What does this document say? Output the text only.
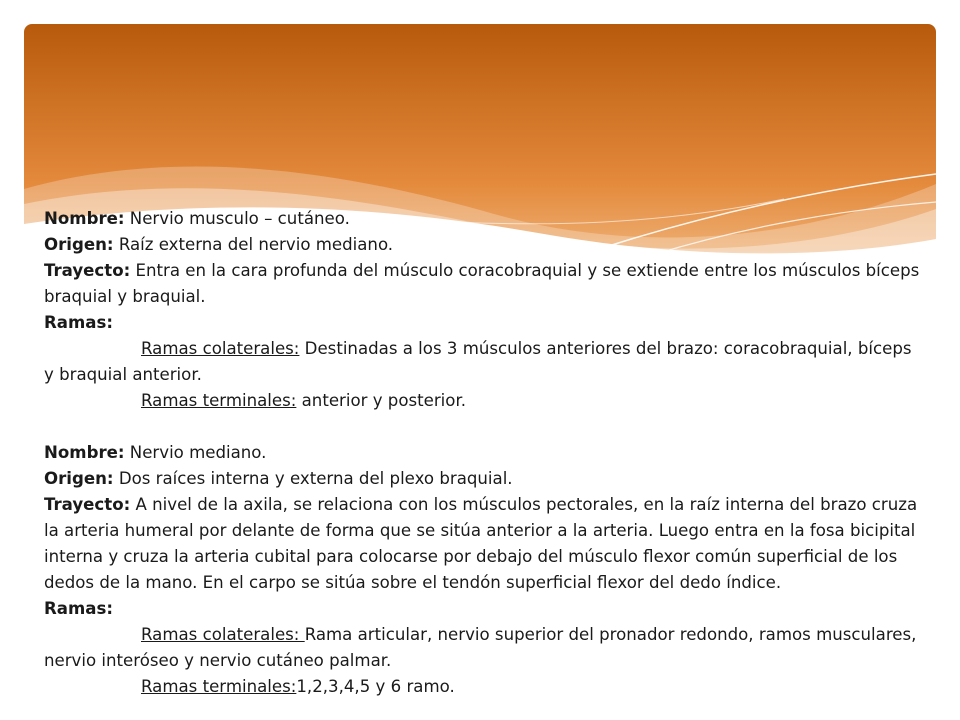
Nombre: Nervio musculo – cutáneo.
Origen: Raíz externa del nervio mediano.
Trayecto: Entra en la cara profunda del músculo coracobraquial y se extiende entre los músculos bíceps braquial y braquial.
Ramas:
Ramas colaterales: Destinadas a los 3 músculos anteriores del brazo: coracobraquial, bíceps y braquial anterior.
Ramas terminales: anterior y posterior.
Nombre: Nervio mediano.
Origen: Dos raíces interna y externa del plexo braquial.
Trayecto: A nivel de la axila, se relaciona con los músculos pectorales, en la raíz interna del brazo cruza la arteria humeral por delante de forma que se sitúa anterior a la arteria. Luego entra en la fosa bicipital interna y cruza la arteria cubital para colocarse por debajo del músculo flexor común superficial de los dedos de la mano. En el carpo se sitúa sobre el tendón superficial flexor del dedo índice.
Ramas:
Ramas colaterales: Rama articular, nervio superior del pronador redondo, ramos musculares, nervio interóseo y nervio cutáneo palmar.
Ramas terminales:1,2,3,4,5 y 6 ramo.
